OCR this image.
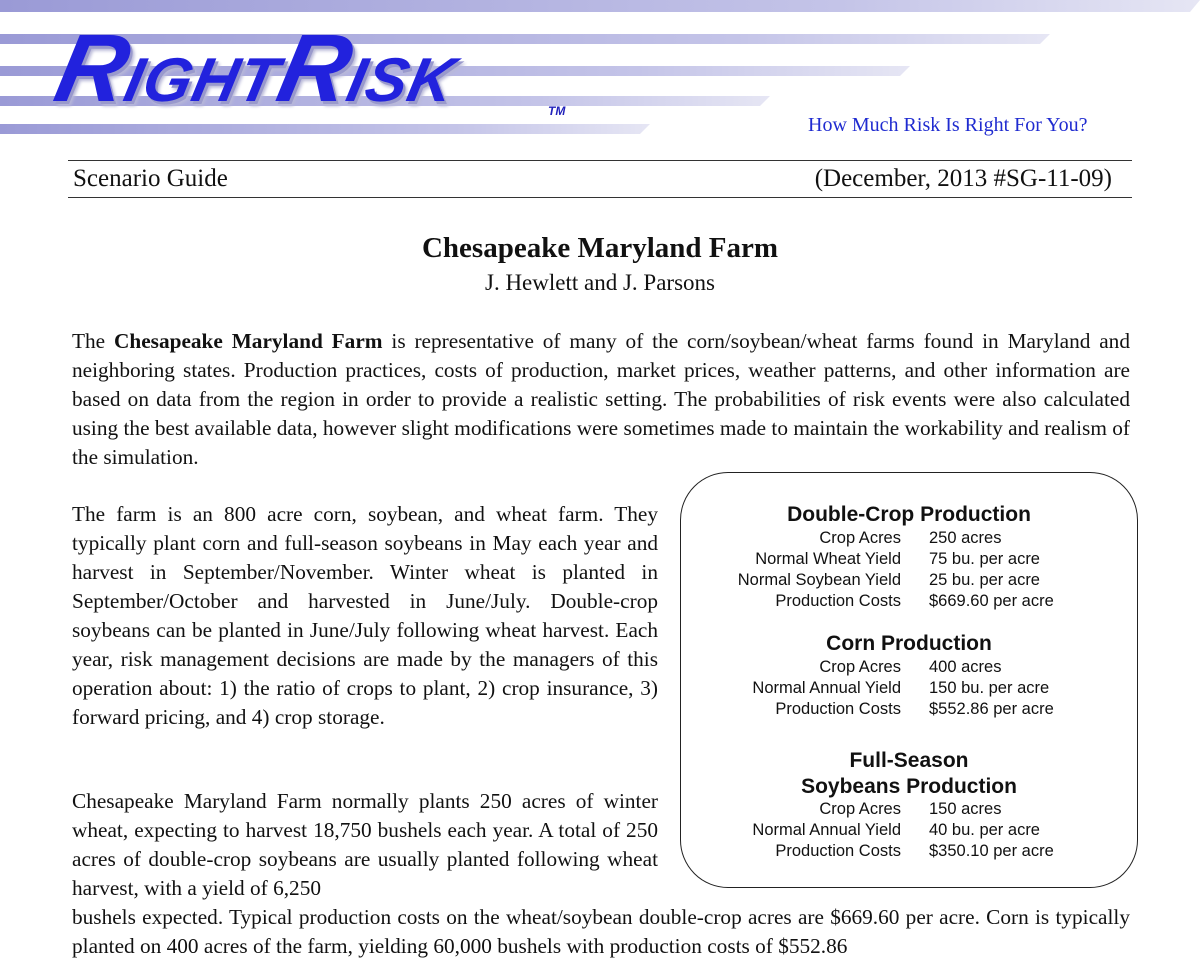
RIGHTRISK	TM
How Much Risk Is Right For You?
Scenario Guide	(December, 2013 #SG-11-09)
Chesapeake Maryland Farm
J. Hewlett and J. Parsons

The Chesapeake Maryland Farm is representative of many of the corn/soybean/wheat farms found in Maryland and neighboring states. Production practices, costs of production, market prices, weather patterns, and other information are based on data from the region in order to provide a realistic setting. The probabilities of risk events were also calculated using the best available data, however slight modifications were sometimes made to maintain the workability and realism of the simulation.

The farm is an 800 acre corn, soybean, and wheat farm. They typically plant corn and full-season soybeans in May each year and harvest in September/November. Winter wheat is planted in September/October and harvested in June/July. Double-crop soybeans can be planted in June/July following wheat harvest. Each year, risk management decisions are made by the managers of this operation about: 1) the ratio of crops to plant, 2) crop insurance, 3) forward pricing, and 4) crop storage.

Chesapeake Maryland Farm normally plants 250 acres of winter wheat, expecting to harvest 18,750 bushels each year. A total of 250 acres of double-crop soybeans are usually planted following wheat harvest, with a yield of 6,250

bushels expected. Typical production costs on the wheat/soybean double-crop acres are $669.60 per acre. Corn is typically planted on 400 acres of the farm, yielding 60,000 bushels with production costs of $552.86

Double-Crop Production
Crop Acres 250 acres
Normal Wheat Yield 75 bu. per acre
Normal Soybean Yield 25 bu. per acre
Production Costs $669.60 per acre
Corn Production
Crop Acres 400 acres
Normal Annual Yield 150 bu. per acre
Production Costs $552.86 per acre
Full-Season
Soybeans Production
Crop Acres 150 acres
Normal Annual Yield 40 bu. per acre
Production Costs $350.10 per acre
